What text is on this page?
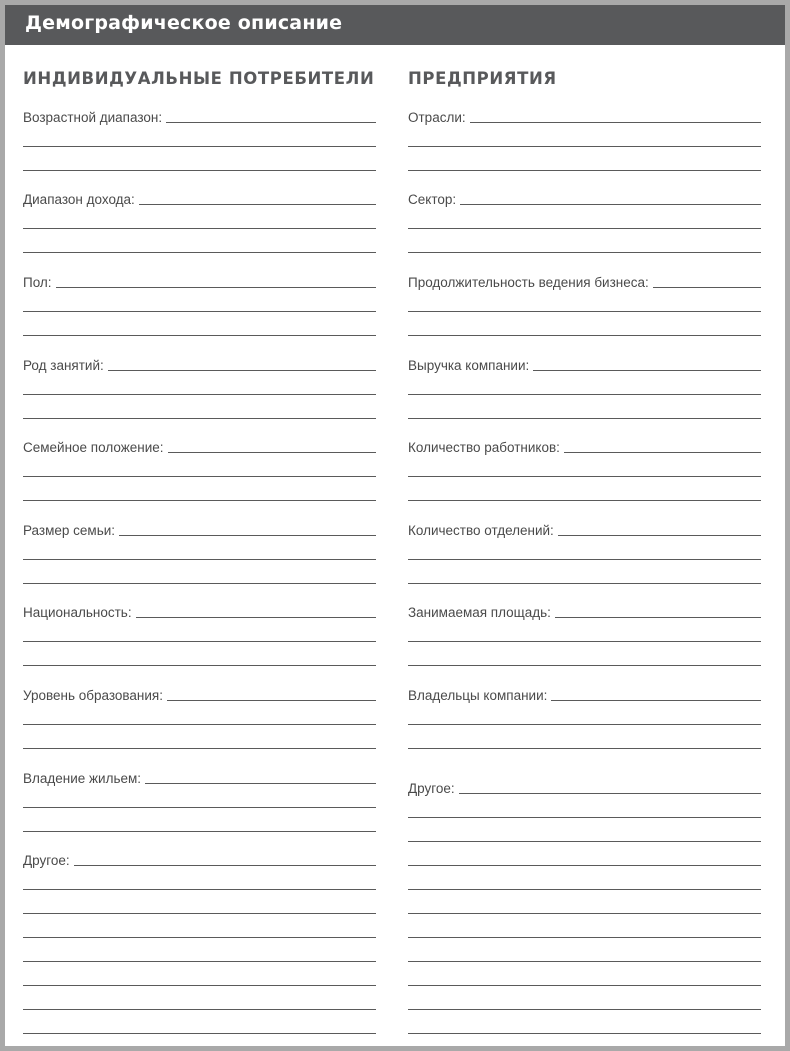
Демографическое описание
ИНДИВИДУАЛЬНЫЕ ПОТРЕБИТЕЛИ ПРЕДПРИЯТИЯ
Возрастной диапазон:
Диапазон дохода:
Пол:
Род занятий:
Семейное положение:
Размер семьи:
Национальность:
Уровень образования:
Владение жильем:
Другое:
Отрасли:
Сектор:
Продолжительность ведения бизнеса:
Выручка компании:
Количество работников:
Количество отделений:
Занимаемая площадь:
Владельцы компании:
Другое:
